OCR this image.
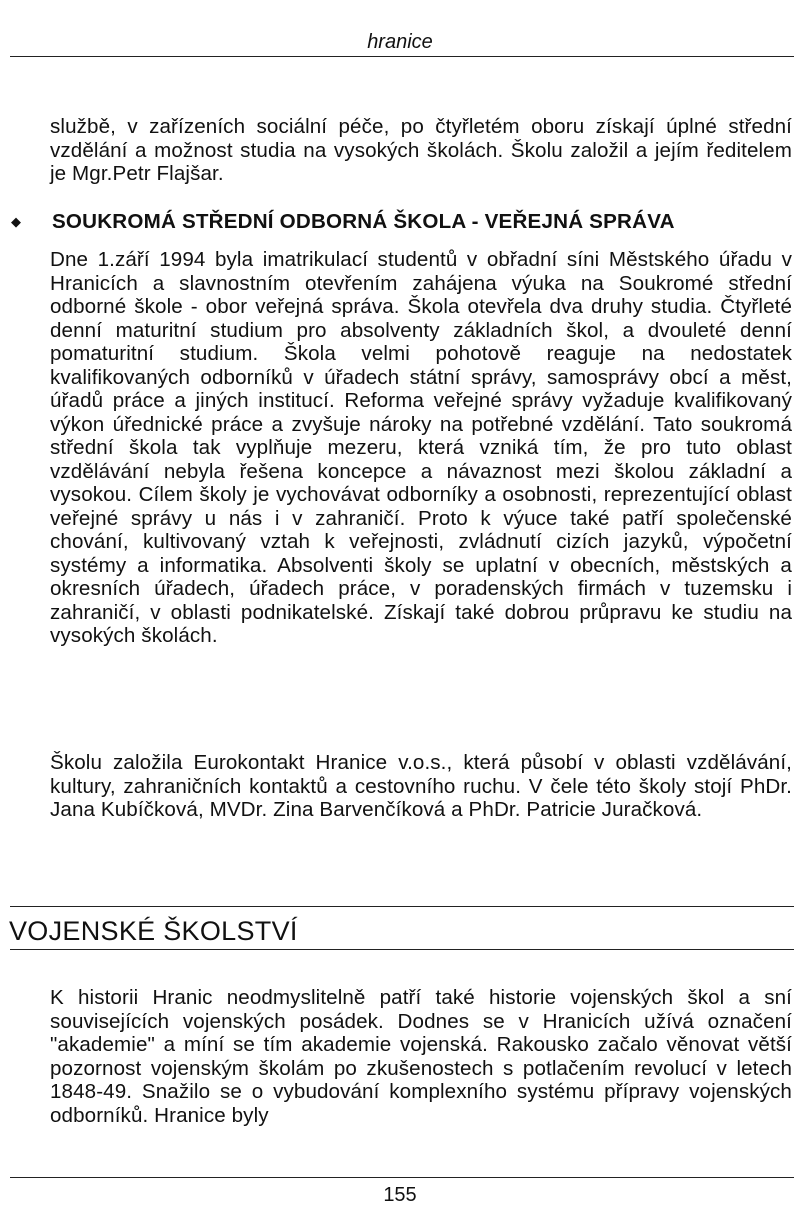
hranice

službě, v zařízeních sociální péče, po čtyřletém oboru získají úplné střední vzdělání a možnost studia na vysokých školách. Školu založil a jejím ředitelem je Mgr.Petr Flajšar.

◆ SOUKROMÁ STŘEDNÍ ODBORNÁ ŠKOLA - VEŘEJNÁ SPRÁVA

Dne 1.září 1994 byla imatrikulací studentů v obřadní síni Městského úřadu v Hranicích a slavnostním otevřením zahájena výuka na Soukromé střední odborné škole - obor veřejná správa. Škola otevřela dva druhy studia. Čtyřleté denní maturitní studium pro absolventy základních škol, a dvouleté denní pomaturitní studium. Škola velmi pohotově reaguje na nedostatek kvalifikovaných odborníků v úřadech státní správy, samosprávy obcí a měst, úřadů práce a jiných institucí. Reforma veřejné správy vyžaduje kvalifikovaný výkon úřednické práce a zvyšuje nároky na potřebné vzdělání. Tato soukromá střední škola tak vyplňuje mezeru, která vzniká tím, že pro tuto oblast vzdělávání nebyla řešena koncepce a návaznost mezi školou základní a vysokou. Cílem školy je vychovávat odborníky a osobnosti, reprezentující oblast veřejné správy u nás i v zahraničí. Proto k výuce také patří společenské chování, kultivovaný vztah k veřejnosti, zvládnutí cizích jazyků, výpočetní systémy a informatika. Absolventi školy se uplatní v obecních, městských a okresních úřadech, úřadech práce, v poradenských firmách v tuzemsku i zahraničí, v oblasti podnikatelské. Získají také dobrou průpravu ke studiu na vysokých školách.

Školu založila Eurokontakt Hranice v.o.s., která působí v oblasti vzdělávání, kultury, zahraničních kontaktů a cestovního ruchu. V čele této školy stojí PhDr. Jana Kubíčková, MVDr. Zina Barvenčíková a PhDr. Patricie Juračková.

VOJENSKÉ ŠKOLSTVÍ

K historii Hranic neodmyslitelně patří také historie vojenských škol a sní souvisejících vojenských posádek. Dodnes se v Hranicích užívá označení "akademie" a míní se tím akademie vojenská. Rakousko začalo věnovat větší pozornost vojenským školám po zkušenostech s potlačením revolucí v letech 1848-49. Snažilo se o vybudování komplexního systému přípravy vojenských odborníků. Hranice byly

155
